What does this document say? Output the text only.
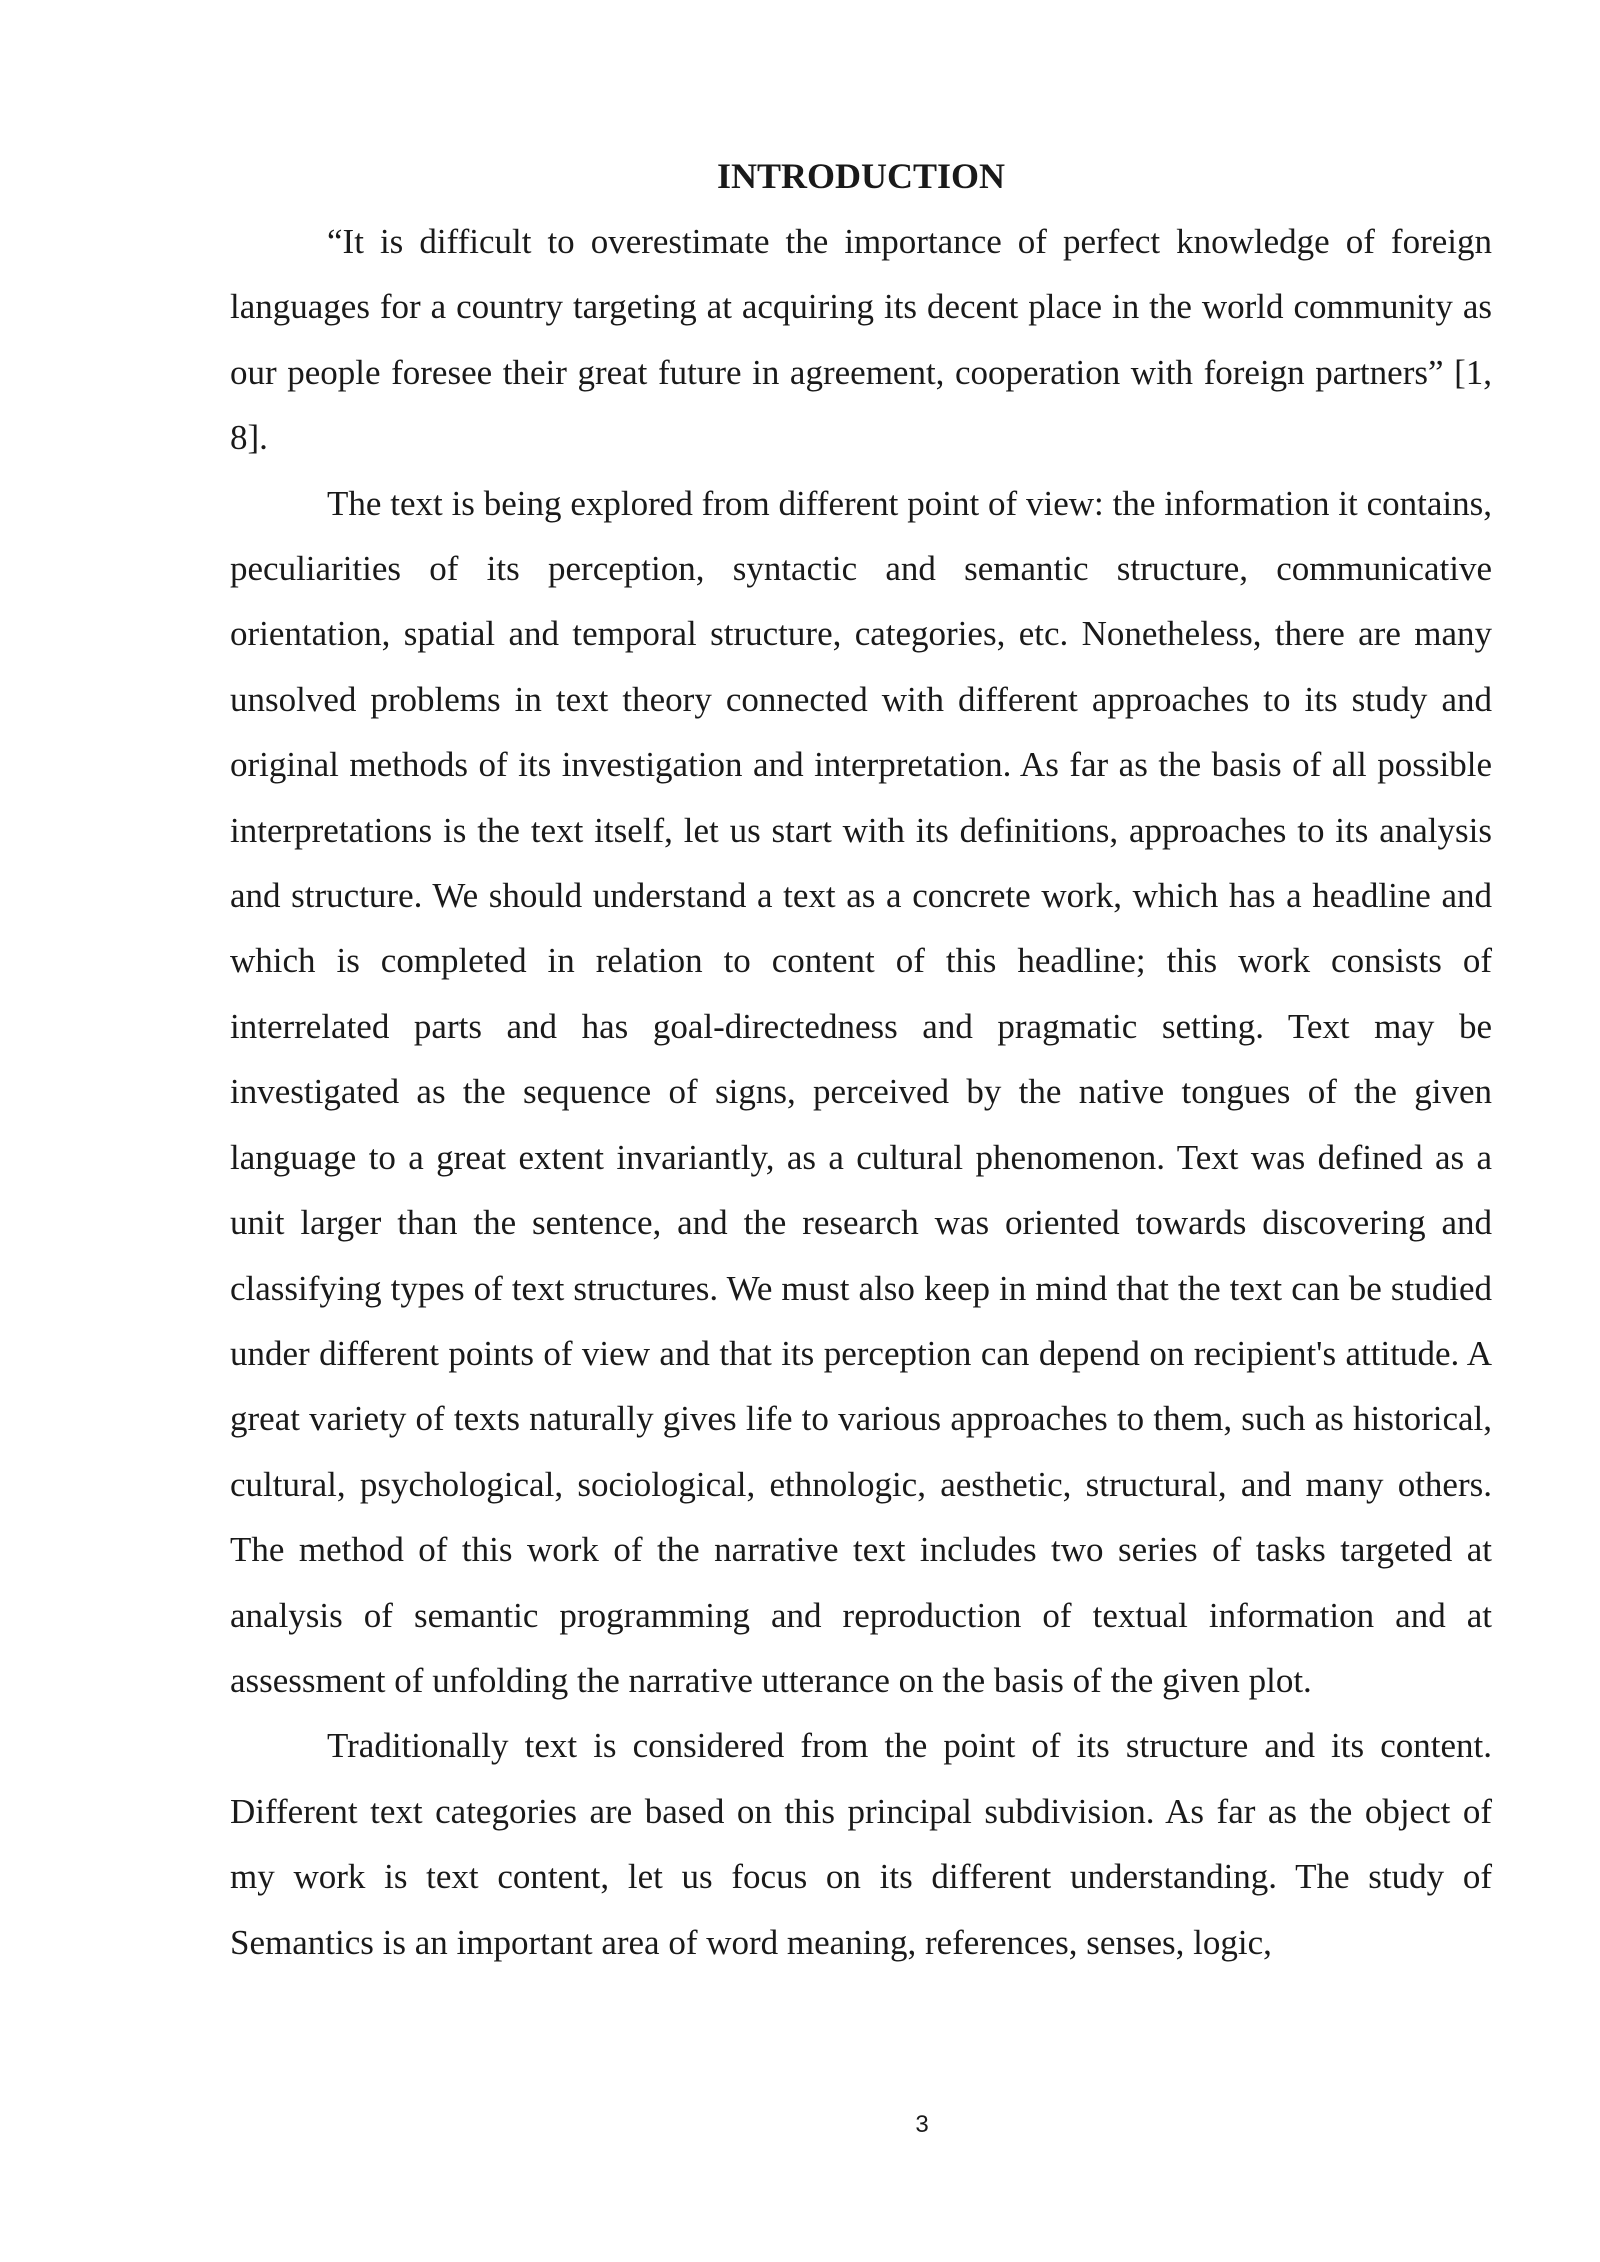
INTRODUCTION

“It is difficult to overestimate the importance of perfect knowledge of foreign languages for a country targeting at acquiring its decent place in the world community as our people foresee their great future in agreement, cooperation with foreign partners” [1, 8].

The text is being explored from different point of view: the information it contains, peculiarities of its perception, syntactic and semantic structure, communicative orientation, spatial and temporal structure, categories, etc. Nonetheless, there are many unsolved problems in text theory connected with different approaches to its study and original methods of its investigation and interpretation. As far as the basis of all possible interpretations is the text itself, let us start with its definitions, approaches to its analysis and structure. We should understand a text as a concrete work, which has a headline and which is completed in relation to content of this headline; this work consists of interrelated parts and has goal-directedness and pragmatic setting. Text may be investigated as the sequence of signs, perceived by the native tongues of the given language to a great extent invariantly, as a cultural phenomenon. Text was defined as a unit larger than the sentence, and the research was oriented towards discovering and classifying types of text structures. We must also keep in mind that the text can be studied under different points of view and that its perception can depend on recipient's attitude. A great variety of texts naturally gives life to various approaches to them, such as historical, cultural, psychological, sociological, ethnologic, aesthetic, structural, and many others. The method of this work of the narrative text includes two series of tasks targeted at analysis of semantic programming and reproduction of textual information and at assessment of unfolding the narrative utterance on the basis of the given plot.

Traditionally text is considered from the point of its structure and its content. Different text categories are based on this principal subdivision. As far as the object of my work is text content, let us focus on its different understanding. The study of Semantics is an important area of word meaning, references, senses, logic,

3
